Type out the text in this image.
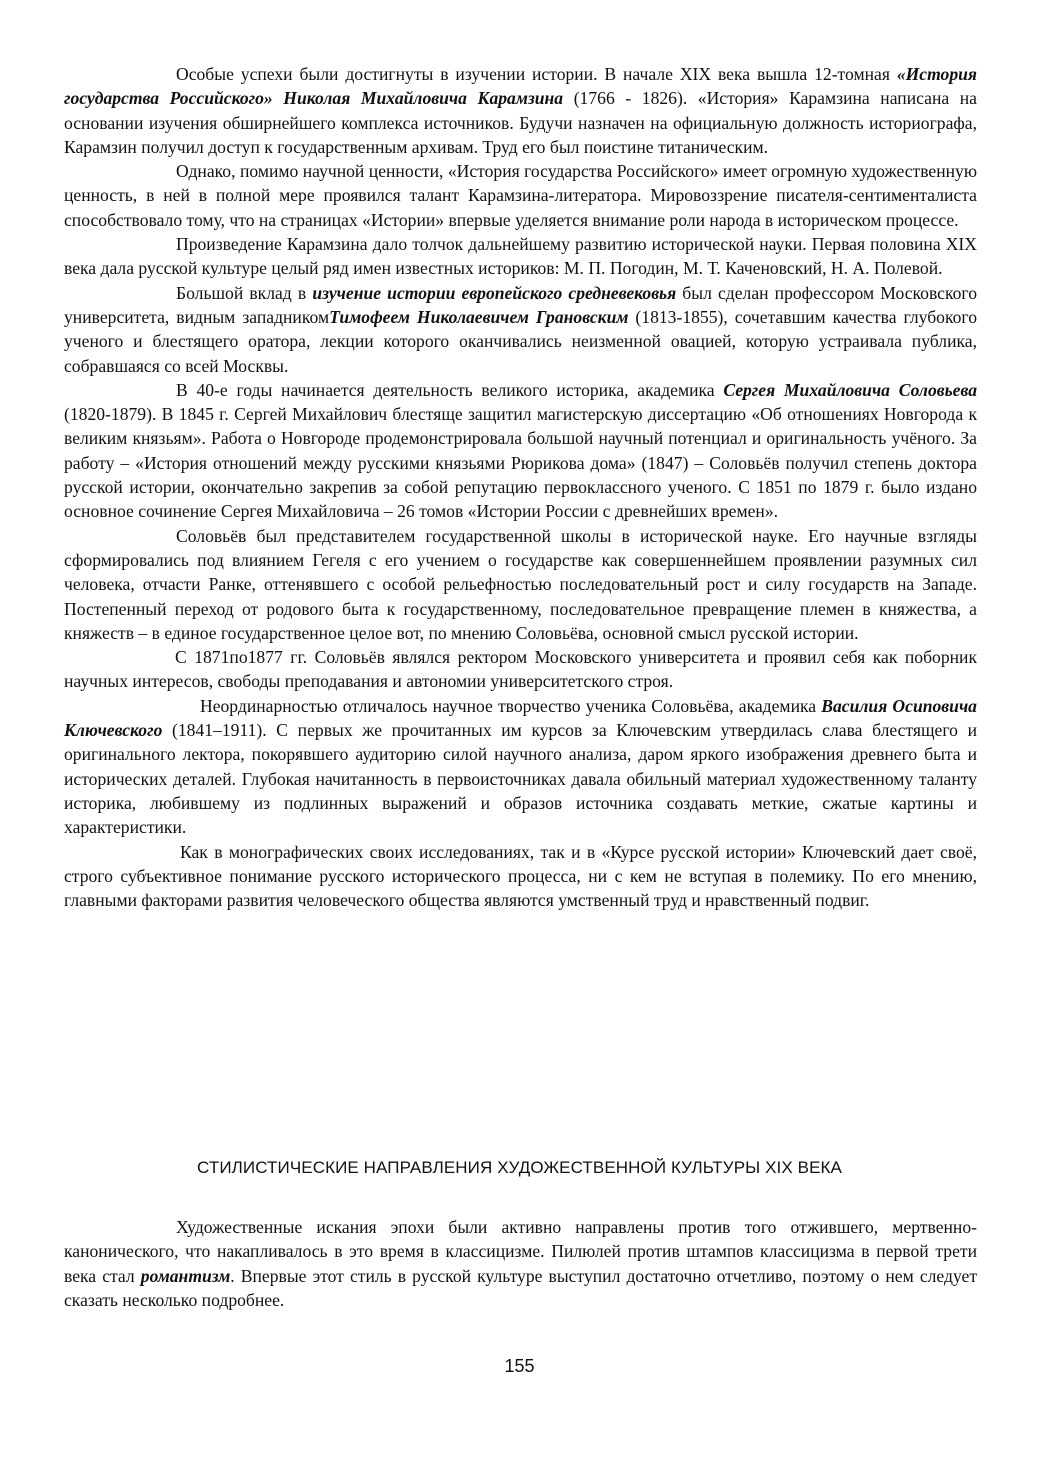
Особые успехи были достигнуты в изучении истории. В начале XIX века вышла 12-томная «История государства Российского» Николая Михайловича Карамзина (1766 - 1826). «История» Карамзина написана на основании изучения обширнейшего комплекса источников. Будучи назначен на официальную должность историографа, Карамзин получил доступ к государственным архивам. Труд его был поистине титаническим.

Однако, помимо научной ценности, «История государства Российского» имеет огромную художественную ценность, в ней в полной мере проявился талант Карамзина-литератора. Мировоззрение писателя-сентименталиста способствовало тому, что на страницах «Истории» впервые уделяется внимание роли народа в историческом процессе.

Произведение Карамзина дало толчок дальнейшему развитию исторической науки. Первая половина XIX века дала русской культуре целый ряд имен известных историков: М. П. Погодин, М. Т. Каченовский, Н. А. Полевой.

Большой вклад в изучение истории европейского средневековья был сделан профессором Московского университета, видным западникомТимофеем Николаевичем Грановским (1813-1855), сочетавшим качества глубокого ученого и блестящего оратора, лекции которого оканчивались неизменной овацией, которую устраивала публика, собравшаяся со всей Москвы.

В 40-е годы начинается деятельность великого историка, академика Сергея Михайловича Соловьева (1820-1879). В 1845 г. Сергей Михайлович блестяще защитил магистерскую диссертацию «Об отношениях Новгорода к великим князьям». Работа о Новгороде продемонстрировала большой научный потенциал и оригинальность учёного. За работу – «История отношений между русскими князьями Рюрикова дома» (1847) – Соловьёв получил степень доктора русской истории, окончательно закрепив за собой репутацию первоклассного ученого. С 1851 по 1879 г. было издано основное сочинение Сергея Михайловича – 26 томов «Истории России с древнейших времен».

Соловьёв был представителем государственной школы в исторической науке. Его научные взгляды сформировались под влиянием Гегеля с его учением о государстве как совершеннейшем проявлении разумных сил человека, отчасти Ранке, оттенявшего с особой рельефностью последовательный рост и силу государств на Западе. Постепенный переход от родового быта к государственному, последовательное превращение племен в княжества, а княжеств – в единое государственное целое вот, по мнению Соловьёва, основной смысл русской истории.

С 1871по1877 гг. Соловьёв являлся ректором Московского университета и проявил себя как поборник научных интересов, свободы преподавания и автономии университетского строя.

Неординарностью отличалось научное творчество ученика Соловьёва, академика Василия Осиповича Ключевского (1841–1911). С первых же прочитанных им курсов за Ключевским утвердилась слава блестящего и оригинального лектора, покорявшего аудиторию силой научного анализа, даром яркого изображения древнего быта и исторических деталей. Глубокая начитанность в первоисточниках давала обильный материал художественному таланту историка, любившему из подлинных выражений и образов источника создавать меткие, сжатые картины и характеристики.

Как в монографических своих исследованиях, так и в «Курсе русской истории» Ключевский дает своё, строго субъективное понимание русского исторического процесса, ни с кем не вступая в полемику. По его мнению, главными факторами развития человеческого общества являются умственный труд и нравственный подвиг.

СТИЛИСТИЧЕСКИЕ НАПРАВЛЕНИЯ ХУДОЖЕСТВЕННОЙ КУЛЬТУРЫ XIX ВЕКА

Художественные искания эпохи были активно направлены против того отжившего, мертвенно-канонического, что накапливалось в это время в классицизме. Пилюлей против штампов классицизма в первой трети века стал романтизм. Впервые этот стиль в русской культуре выступил достаточно отчетливо, поэтому о нем следует сказать несколько подробнее.

155
